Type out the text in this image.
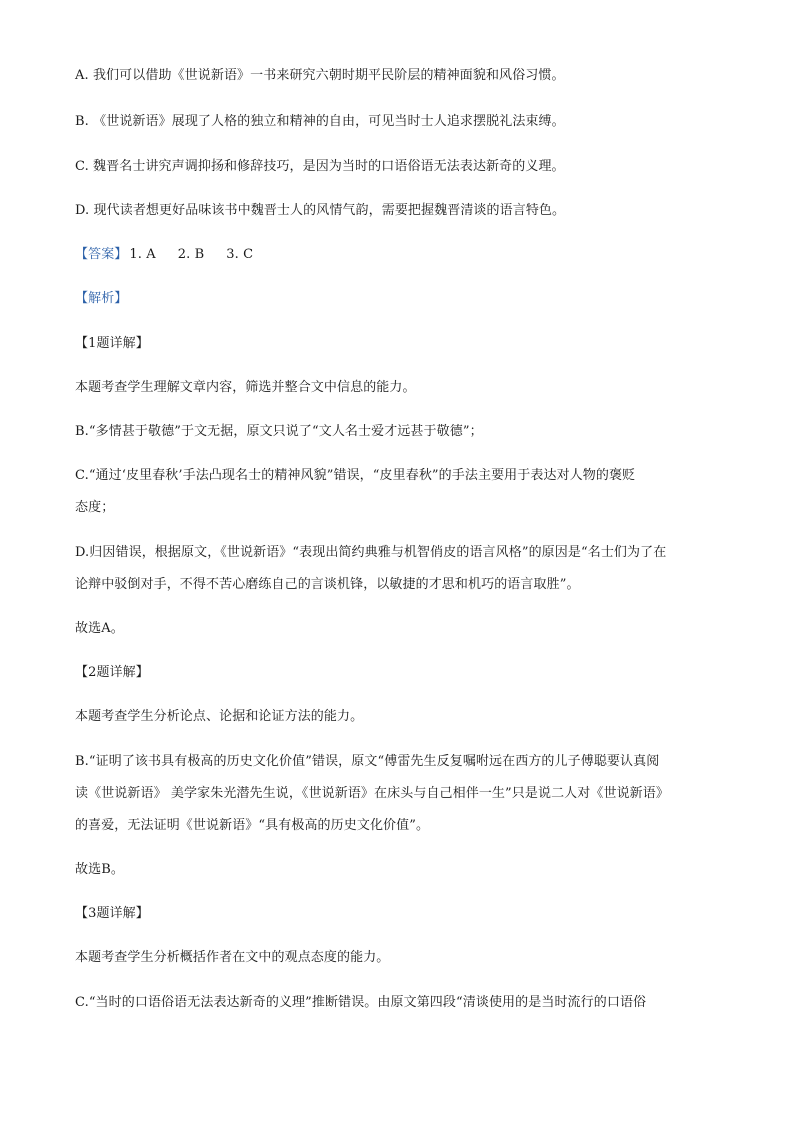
A. 我们可以借助《世说新语》一书来研究六朝时期平民阶层的精神面貌和风俗习惯。
B. 《世说新语》展现了人格的独立和精神的自由，可见当时士人追求摆脱礼法束缚。
C. 魏晋名士讲究声调抑扬和修辞技巧，是因为当时的口语俗语无法表达新奇的义理。
D. 现代读者想更好品味该书中魏晋士人的风情气韵，需要把握魏晋清谈的语言特色。
【答案】 1. A 2. B 3. C
【解析】
【1题详解】
本题考查学生理解文章内容，筛选并整合文中信息的能力。
B.“多情甚于敬德”于文无据，原文只说了“文人名士爱才远甚于敬德”；
C.“通过‘皮里春秋’手法凸现名士的精神风貌”错误，“皮里春秋”的手法主要用于表达对人物的褒贬
态度；
D.归因错误，根据原文，《世说新语》“表现出简约典雅与机智俏皮的语言风格”的原因是“名士们为了在
论辩中驳倒对手，不得不苦心磨练自己的言谈机锋，以敏捷的才思和机巧的语言取胜”。
故选A。
【2题详解】
本题考查学生分析论点、论据和论证方法的能力。
B.“证明了该书具有极高的历史文化价值”错误，原文“傅雷先生反复嘱咐远在西方的儿子傅聪要认真阅
读《世说新语》 美学家朱光潜先生说，《世说新语》在床头与自己相伴一生”只是说二人对《世说新语》
的喜爱，无法证明《世说新语》“具有极高的历史文化价值”。
故选B。
【3题详解】
本题考查学生分析概括作者在文中的观点态度的能力。
C.“当时的口语俗语无法表达新奇的义理”推断错误。由原文第四段“清谈使用的是当时流行的口语俗
